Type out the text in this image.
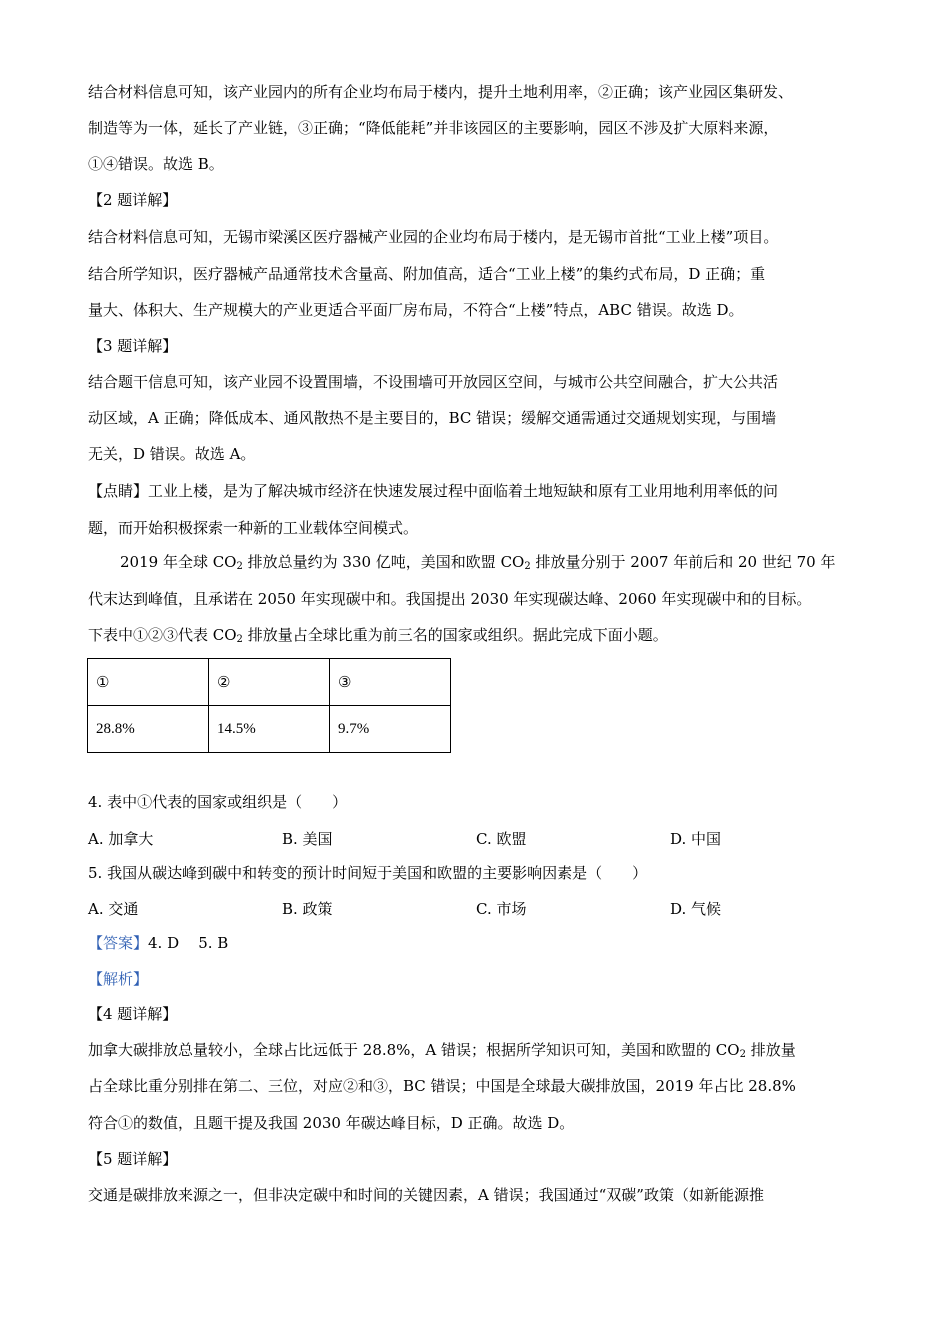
结合材料信息可知，该产业园内的所有企业均布局于楼内，提升土地利用率，②正确；该产业园区集研发、
制造等为一体，延长了产业链，③正确；“降低能耗”并非该园区的主要影响，园区不涉及扩大原料来源，
①④错误。故选 B。
【2 题详解】
结合材料信息可知，无锡市梁溪区医疗器械产业园的企业均布局于楼内，是无锡市首批“工业上楼”项目。
结合所学知识，医疗器械产品通常技术含量高、附加值高，适合“工业上楼”的集约式布局，D 正确；重
量大、体积大、生产规模大的产业更适合平面厂房布局，不符合“上楼”特点，ABC 错误。故选 D。
【3 题详解】
结合题干信息可知，该产业园不设置围墙，不设围墙可开放园区空间，与城市公共空间融合，扩大公共活
动区域，A 正确；降低成本、通风散热不是主要目的，BC 错误；缓解交通需通过交通规划实现，与围墙
无关，D 错误。故选 A。
【点睛】工业上楼，是为了解决城市经济在快速发展过程中面临着土地短缺和原有工业用地利用率低的问
题，而开始积极探索一种新的工业载体空间模式。
2019 年全球 $CO_2$ 排放总量约为 330 亿吨，美国和欧盟 $CO_2$ 排放量分别于 2007 年前后和 20 世纪 70 年
代末达到峰值，且承诺在 2050 年实现碳中和。我国提出 2030 年实现碳达峰、2060 年实现碳中和的目标。
下表中①②③代表 $CO_2$ 排放量占全球比重为前三名的国家或组织。据此完成下面小题。
①	②	③
28.8%	14.5%	9.7%
4. 表中①代表的国家或组织是（　　）
A. 加拿大	B. 美国	C. 欧盟	D. 中国
5. 我国从碳达峰到碳中和转变的预计时间短于美国和欧盟的主要影响因素是（　　）
A. 交通	B. 政策	C. 市场	D. 气候
【答案】4. D    5. B
【解析】
【4 题详解】
加拿大碳排放总量较小，全球占比远低于 28.8%，A 错误；根据所学知识可知，美国和欧盟的 $CO_2$ 排放量
占全球比重分别排在第二、三位，对应②和③，BC 错误；中国是全球最大碳排放国，2019 年占比 28.8%
符合①的数值，且题干提及我国 2030 年碳达峰目标，D 正确。故选 D。
【5 题详解】
交通是碳排放来源之一，但非决定碳中和时间的关键因素，A 错误；我国通过“双碳”政策（如新能源推
